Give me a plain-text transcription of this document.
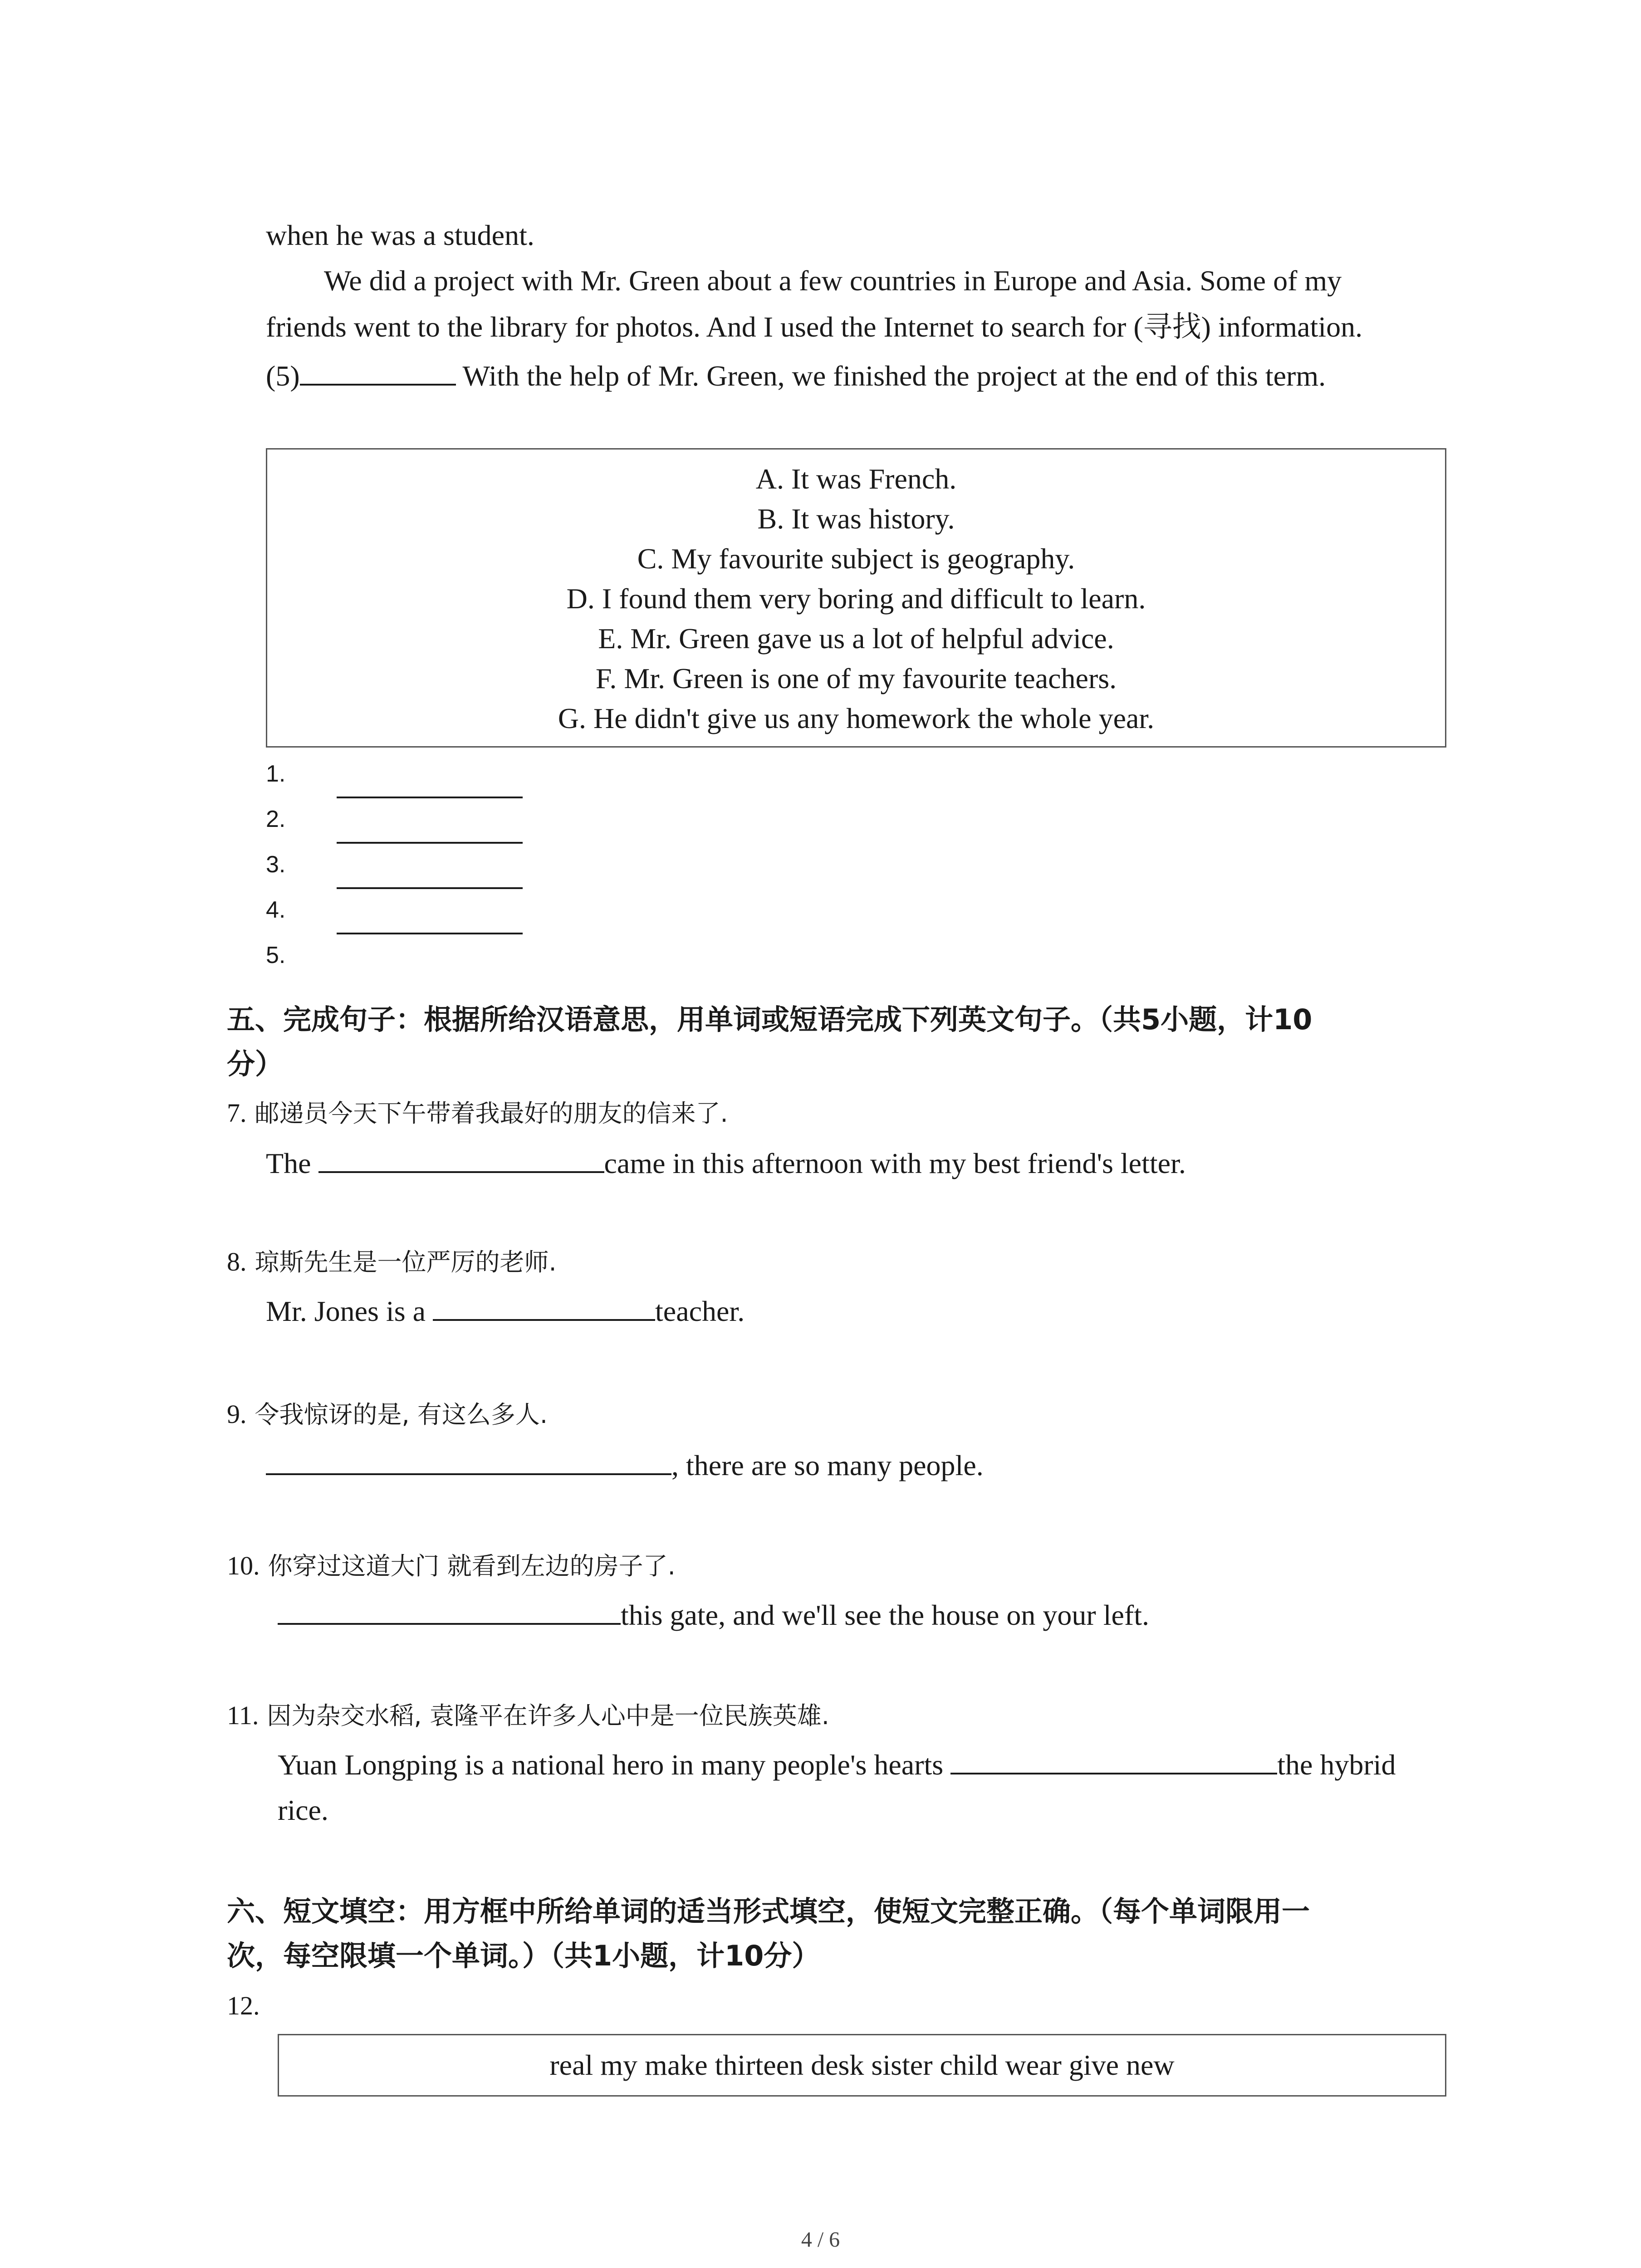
when he was a student.
We did a project with Mr. Green about a few countries in Europe and Asia. Some of my
friends went to the library for photos. And I used the Internet to search for (寻找) information.
(5)	With the help of Mr. Green, we finished the project at the end of this term.
A. It was French.
B. It was history.
C. My favourite subject is geography.
D. I found them very boring and difficult to learn.
E. Mr. Green gave us a lot of helpful advice.
F. Mr. Green is one of my favourite teachers.
G. He didn't give us any homework the whole year.
1.
2.
3.
4.
5.
五、完成句子：根据所给汉语意思，用单词或短语完成下列英文句子。（共5小题，计10
分）
7. 邮递员今天下午带着我最好的朋友的信来了.
The	came in this afternoon with my best friend's letter.
8. 琼斯先生是一位严厉的老师.
Mr. Jones is a	teacher.
9. 令我惊讶的是, 有这么多人.
, there are so many people.
10. 你穿过这道大门 就看到左边的房子了.
this gate, and we'll see the house on your left.
11. 因为杂交水稻, 袁隆平在许多人心中是一位民族英雄.
Yuan Longping is a national hero in many people's hearts	the hybrid
rice.
六、短文填空：用方框中所给单词的适当形式填空，使短文完整正确。（每个单词限用一
次，每空限填一个单词。）（共1小题，计10分）
12.
real my make thirteen desk sister child wear give new
4 / 6
